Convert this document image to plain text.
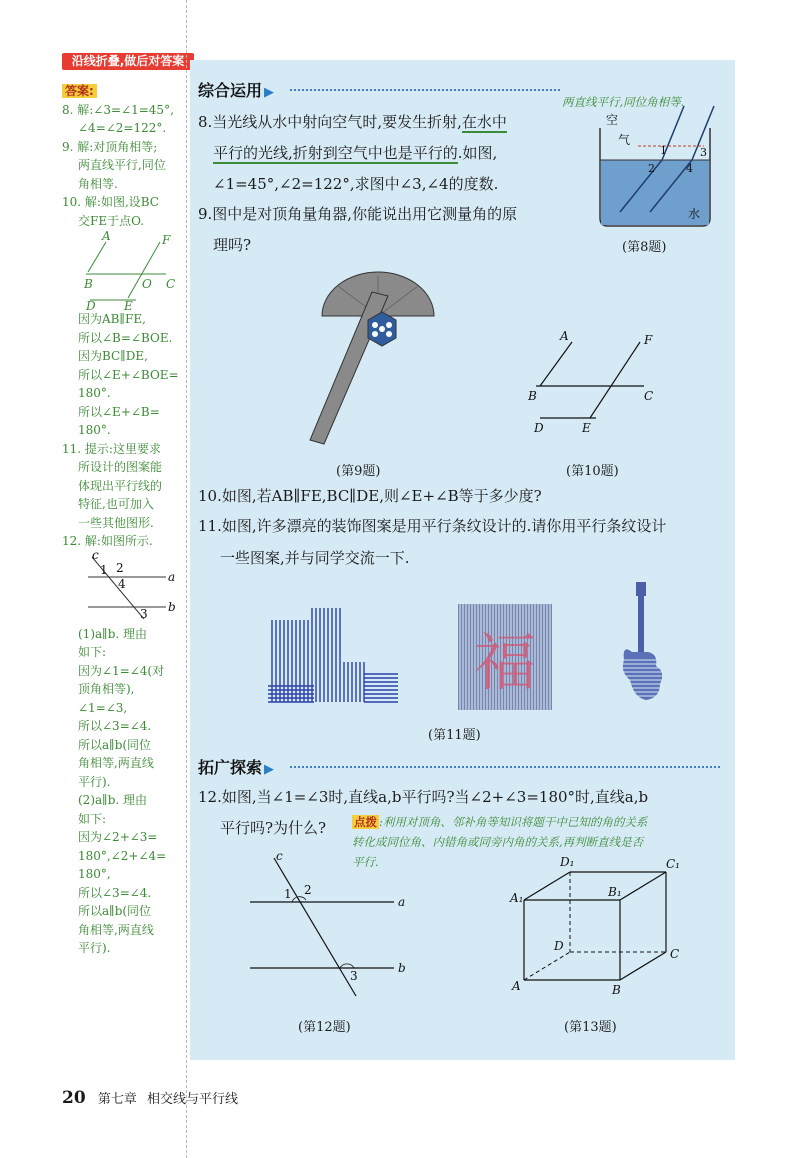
沿线折叠,做后对答案

答案:

8. 解:∠3=∠1=45°,

∠4=∠2=122°.

9. 解:对顶角相等;

两直线平行,同位

角相等.

10. 解:如图,设BC

交FE于点O.

A	F
B	O C
D E

因为AB∥FE,

所以∠B=∠BOE.

因为BC∥DE,

所以∠E+∠BOE=

180°.

所以∠E+∠B=

180°.

11. 提示:这里要求

所设计的图案能

体现出平行线的

特征,也可加入

一些其他图形.

12. 解:如图所示.

c
a
b
1 2
4
3

(1)a∥b. 理由

如下:

因为∠1=∠4(对

顶角相等),

∠1=∠3,

所以∠3=∠4.

所以a∥b(同位

角相等,两直线

平行).

(2)a∥b. 理由

如下:

因为∠2+∠3=

180°,∠2+∠4=

180°,

所以∠3=∠4.

所以a∥b(同位

角相等,两直线

平行).

综合运用 ▶
两直线平行,同位角相等.
8.当光线从水中射向空气时,要发生折射,在水中
平行的光线,折射到空气中也是平行的.如图,
∠1=45°,∠2=122°,求图中∠3,∠4的度数.
空
气
水
1
2
3
4
(第8题)
9.图中是对顶角量角器,你能说出用它测量角的原
理吗?
(第9题)
A	F
B	C
D	E
(第10题)
10.如图,若AB∥FE,BC∥DE,则∠E+∠B等于多少度?
11.如图,许多漂亮的装饰图案是用平行条纹设计的.请你用平行条纹设计
一些图案,并与同学交流一下.
福
(第11题)
拓广探索 ▶
12.如图,当∠1=∠3时,直线a,b平行吗?当∠2+∠3=180°时,直线a,b
平行吗?为什么? 点拨 :利用对顶角、邻补角等知识将题干中已知的角的关系
转化成同位角、内错角或同旁内角的关系,再判断直线是否
平行.
c
a
b
1 2
3
(第12题)
D₁	C₁
A₁	B₁
D
C
A	B
(第13题)
20 第七章 相交线与平行线
